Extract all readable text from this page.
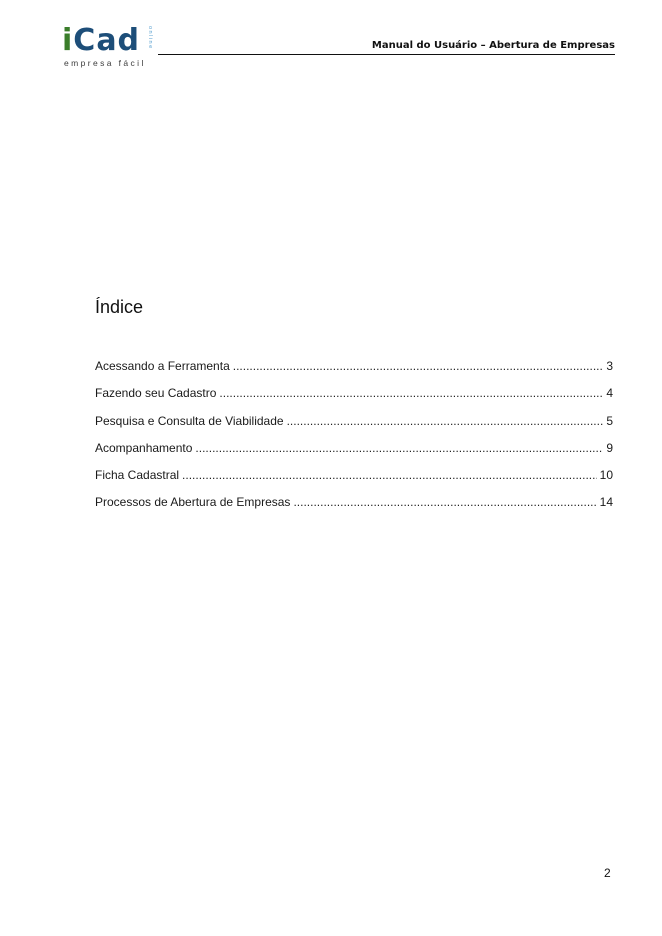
iCad
empresa fácil
online	Manual do Usuário – Abertura de Empresas
Índice
Acessando a Ferramenta .....	3
Fazendo seu Cadastro .....	4
Pesquisa e Consulta de Viabilidade .....	5
Acompanhamento .....	9
Ficha Cadastral .....	10
Processos de Abertura de Empresas .....	14
2
